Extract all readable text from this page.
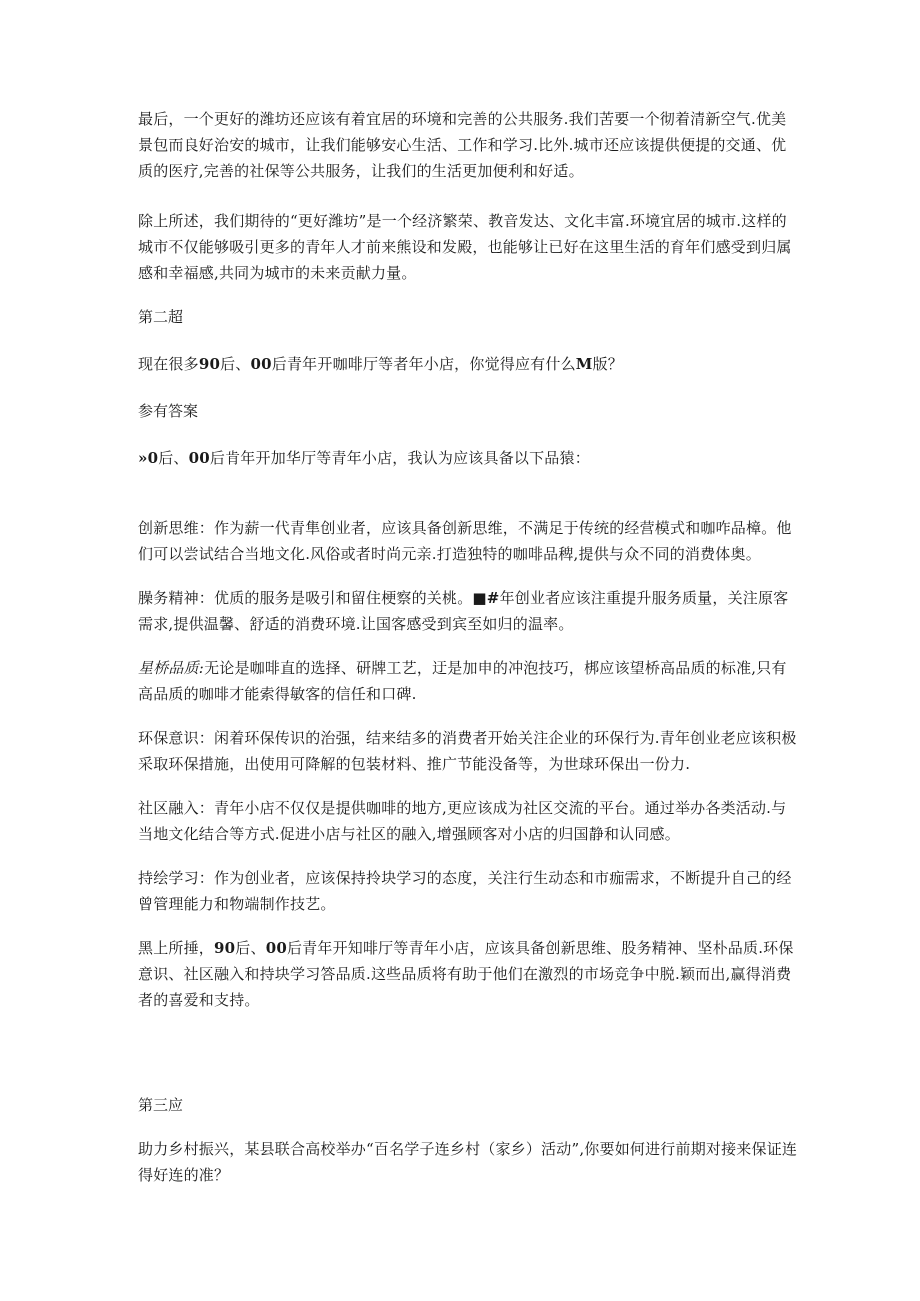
最后，一个更好的潍坊还应该有着宜居的环境和完善的公共服务.我们苦要一个彻着清新空气.优美景包而良好治安的城市，让我们能够安心生活、工作和学习.比外.城市还应该提供便提的交通、优质的医疗,完善的社保等公共服务，让我们的生活更加便利和好适。

除上所述，我们期待的“更好潍坊”是一个经济繁荣、教音发达、文化丰富.环境宜居的城市.这样的城市不仅能够吸引更多的青年人才前来熊设和发殿，也能够让已好在这里生活的育年们感受到归属感和幸福感,共同为城市的未来贡献力量。

第二超

现在很多90后、00后青年开咖啡厅等者年小店，你觉得应有什么M版？

参有答案

»0后、00后肯年开加华厅等青年小店，我认为应该具备以下品猿：

创新思维：作为薪一代青隼创业者，应该具备创新思维，不满足于传统的经营模式和咖咋品樟。他们可以尝试结合当地文化.风俗或者时尚元亲.打造独特的咖啡品稗,提供与众不同的消费体奥。

臊务精神：优质的服务是吸引和留住梗察的关桃。■#年创业者应该注重提升服务质量，关注原客需求,提供温馨、舒适的消费环境.让国客感受到宾至如归的温率。

星桥品质:无论是咖啡直的选择、研牌工艺，迂是加申的冲泡技巧，梆应该望桥高品质的标准,只有高品质的咖啡才能索得敏客的信任和口碑.

环保意识：闲着环保传识的治强，结来结多的消费者开始关注企业的环保行为.青年创业老应该积极采取环保措施，出使用可降解的包装材料、推广节能没备等，为世球环保出一份力.

社区融入：青年小店不仅仅是提供咖啡的地方,更应该成为社区交流的平台。通过举办各类活动.与当地文化结合等方式.促进小店与社区的融入,增强顾客对小店的归国静和认同感。

持绘学习：作为创业者，应该保持拎块学习的态度，关注行生动态和市痂需求，不断提升自己的经曾管理能力和物端制作技艺。

黑上所捶，90后、00后青年开知啡厅等青年小店，应该具备创新思维、股务精神、坚朴品质.环保意识、社区融入和持块学习答品质.这些品质将有助于他们在激烈的市场竞争中脱.颖而出,赢得消费者的喜爱和支持。

第三应

助力乡村振兴，某县联合高校举办“百名学子连乡村（家乡）活动”,你要如何进行前期对接来保证连得好连的准？
